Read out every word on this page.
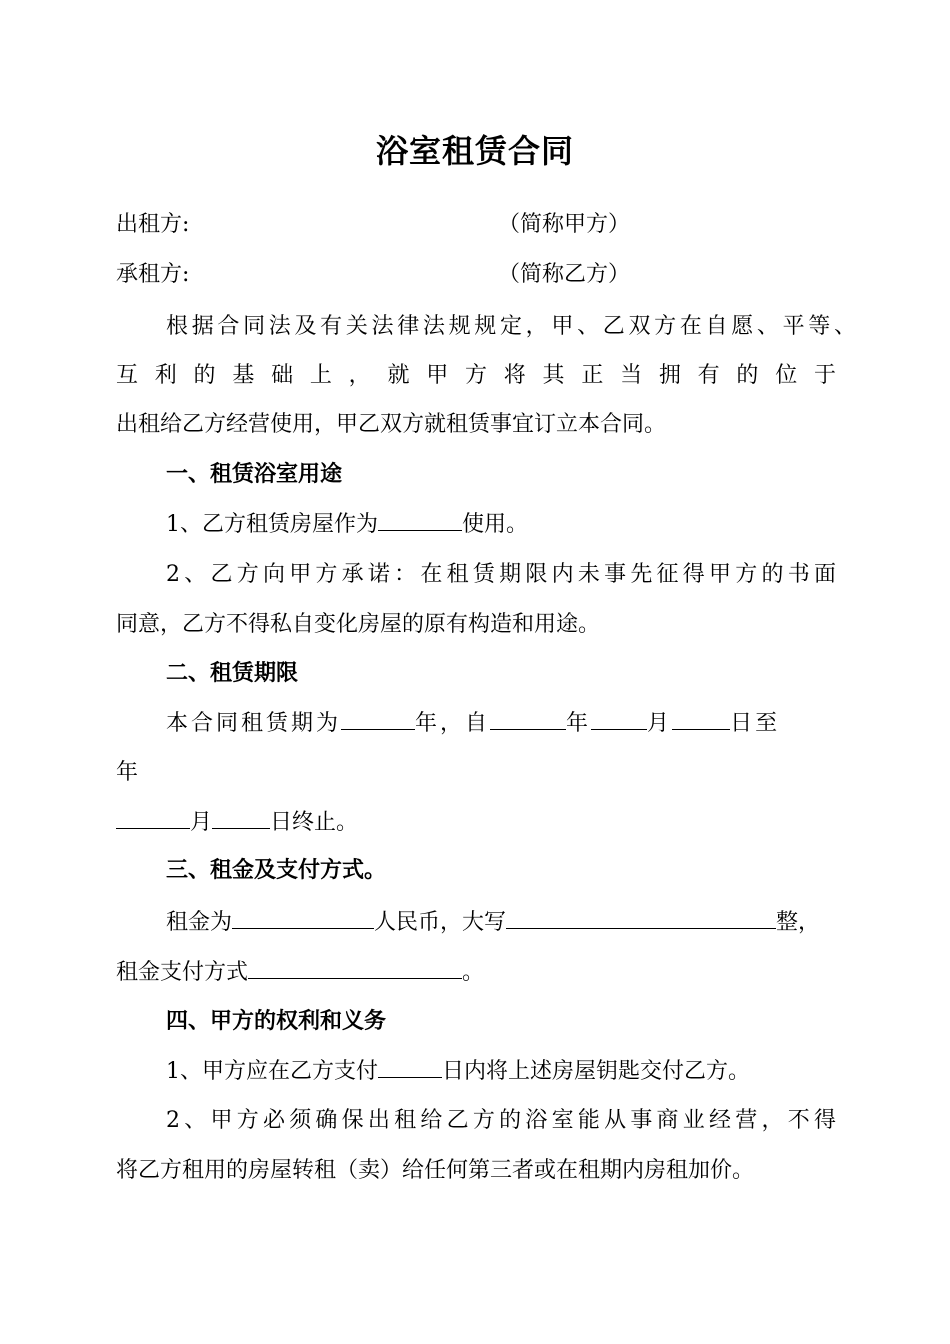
浴室租赁合同
出租方:	（简称甲方）
承租方:	（简称乙方）
根据合同法及有关法律法规规定，甲、乙双方在自愿、平等、
互利的基础上，就甲方将其正当拥有的位于
出租给乙方经营使用，甲乙双方就租赁事宜订立本合同。
一、租赁浴室用途
1、乙方租赁房屋作为	使用。
2、乙方向甲方承诺：在租赁期限内未事先征得甲方的书面
同意，乙方不得私自变化房屋的原有构造和用途。
二、租赁期限
本合同租赁期为	年，自	年	月	日至
年
月	日终止。
三、租金及支付方式。
租金为	人民币，大写	整，
租金支付方式	。
四、甲方的权利和义务
1、甲方应在乙方支付	日内将上述房屋钥匙交付乙方。
2、甲方必须确保出租给乙方的浴室能从事商业经营，不得
将乙方租用的房屋转租（卖）给任何第三者或在租期内房租加价。
